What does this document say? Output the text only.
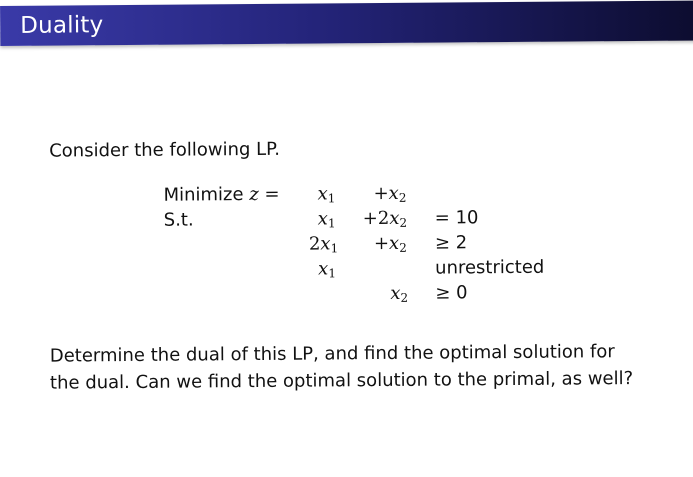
Duality
Consider the following LP.
Minimize $z = x_1 +x_2$
S.t.	$x_1 +2x_2 = 10$
$2x_1 +x_2 \ge 2$
$x_1$	unrestricted
$x_2 \ge 0$
Determine the dual of this LP, and find the optimal solution for
the dual. Can we find the optimal solution to the primal, as well?
